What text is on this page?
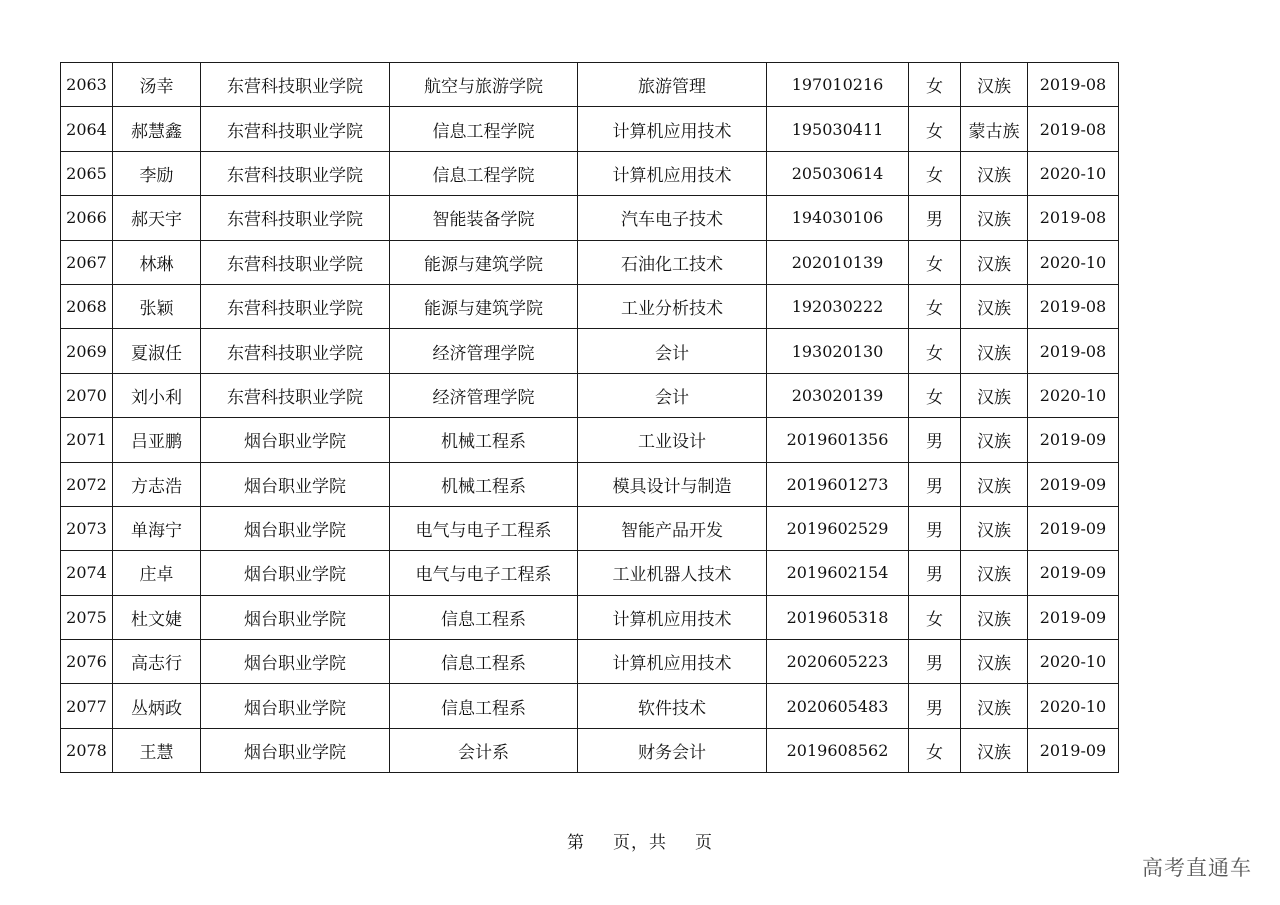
2063	汤幸	东营科技职业学院	航空与旅游学院	旅游管理	197010216	女	汉族	2019-08
2064	郝慧鑫	东营科技职业学院	信息工程学院	计算机应用技术	195030411	女	蒙古族	2019-08
2065	李励	东营科技职业学院	信息工程学院	计算机应用技术	205030614	女	汉族	2020-10
2066	郝天宇	东营科技职业学院	智能装备学院	汽车电子技术	194030106	男	汉族	2019-08
2067	林琳	东营科技职业学院	能源与建筑学院	石油化工技术	202010139	女	汉族	2020-10
2068	张颖	东营科技职业学院	能源与建筑学院	工业分析技术	192030222	女	汉族	2019-08
2069	夏淑任	东营科技职业学院	经济管理学院	会计	193020130	女	汉族	2019-08
2070	刘小利	东营科技职业学院	经济管理学院	会计	203020139	女	汉族	2020-10
2071	吕亚鹏	烟台职业学院	机械工程系	工业设计	2019601356	男	汉族	2019-09
2072	方志浩	烟台职业学院	机械工程系	模具设计与制造	2019601273	男	汉族	2019-09
2073	单海宁	烟台职业学院	电气与电子工程系	智能产品开发	2019602529	男	汉族	2019-09
2074	庄卓	烟台职业学院	电气与电子工程系	工业机器人技术	2019602154	男	汉族	2019-09
2075	杜文婕	烟台职业学院	信息工程系	计算机应用技术	2019605318	女	汉族	2019-09
2076	高志行	烟台职业学院	信息工程系	计算机应用技术	2020605223	男	汉族	2020-10
2077	丛炳政	烟台职业学院	信息工程系	软件技术	2020605483	男	汉族	2020-10
2078	王慧	烟台职业学院	会计系	财务会计	2019608562	女	汉族	2019-09
第 页，共 页
高考直通车
